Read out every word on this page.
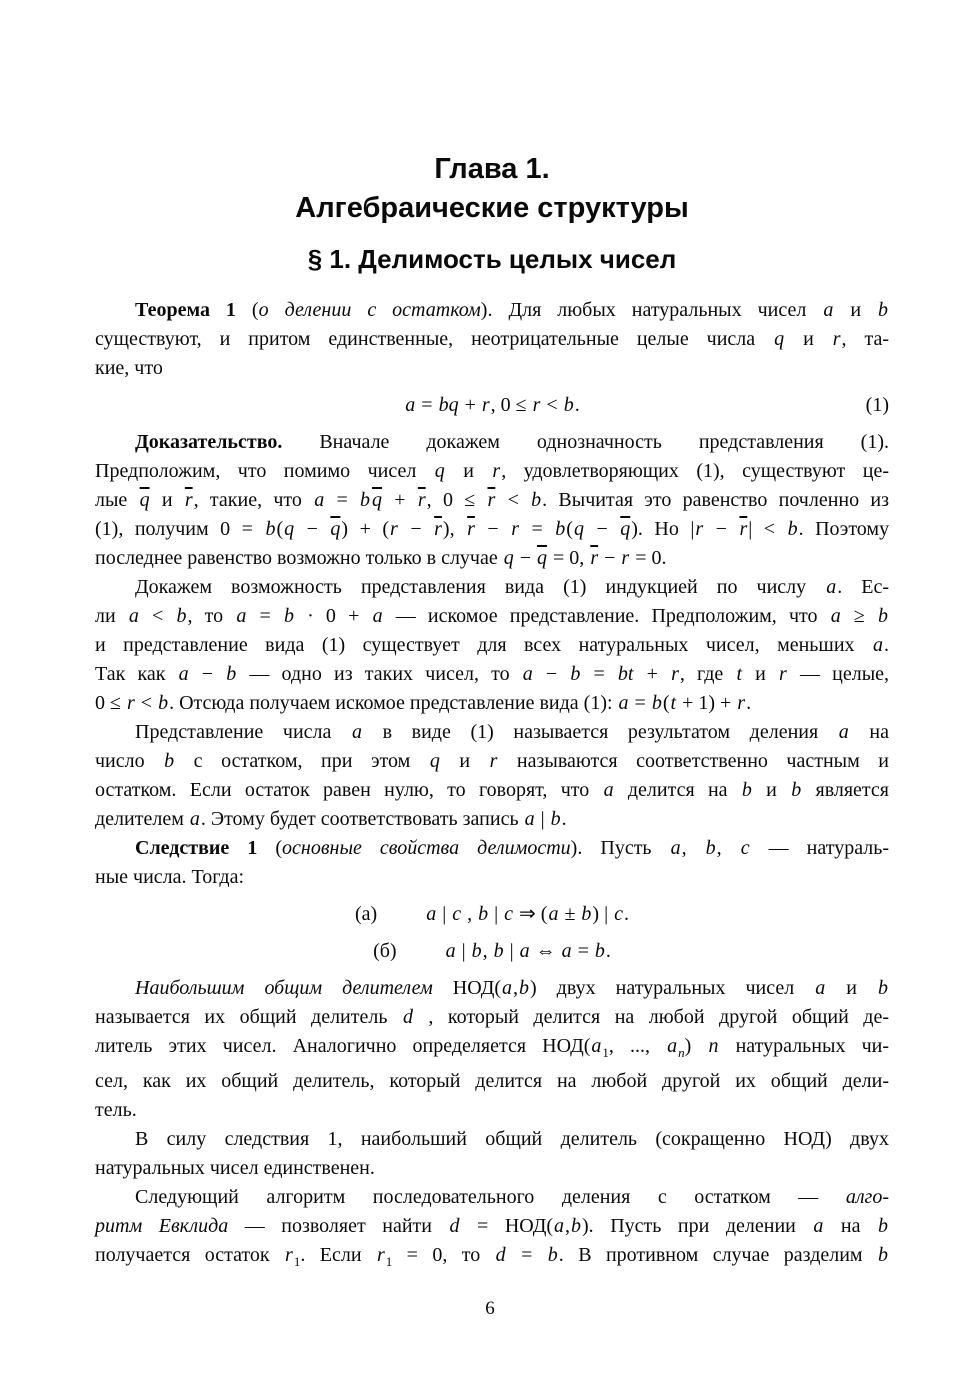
Глава 1.
Алгебраические структуры
§ 1. Делимость целых чисел
Теорема 1 (о делении с остатком). Для любых натуральных чисел a и b
существуют, и притом единственные, неотрицательные целые числа q и r, та-
кие, что
a = bq + r, 0 ≤ r < b.	(1)
Доказательство. Вначале докажем однозначность представления (1).
Предположим, что помимо чисел q и r, удовлетворяющих (1), существуют це-
лые $\overline{q}$ и $\overline{r}$, такие, что a = b $\overline{q} + \overline{r}$, $0 \le \overline{r} < b$. Вычитая это равенство почленно из
(1), получим $0 = b(q - \overline{q}) + (r - \overline{r})$, $\overline{r} - r = b(q - \overline{q})$. Но $|r - \overline{r}| < b$. Поэтому
последнее равенство возможно только в случае $q - \overline{q} = 0$, $\overline{r} - r = 0$.
Докажем возможность представления вида (1) индукцией по числу a. Ес-
ли a < b, то a = b · 0 + a — искомое представление. Предположим, что a ≥ b
и представление вида (1) существует для всех натуральных чисел, меньших a.
Так как a − b — одно из таких чисел, то a − b = bt + r, где t и r — целые,
0 ≤ r < b. Отсюда получаем искомое представление вида (1): a = b(t + 1) + r.
Представление числа a в виде (1) называется результатом деления a на
число b с остатком, при этом q и r называются соответственно частным и
остатком. Если остаток равен нулю, то говорят, что a делится на b и b является
делителем a. Этому будет соответствовать запись a | b.
Следствие 1 (основные свойства делимости). Пусть a, b, c — натураль-
ные числа. Тогда:
(а) a | c , b | c ⇒ (a ± b) | c.
(б) a | b, b | a ⇔ a = b.
Наибольшим общим делителем НОД(a,b) двух натуральных чисел a и b
называется их общий делитель d , который делится на любой другой общий де-
литель этих чисел. Аналогично определяется $НОД(a_1$, ..., $a_n$) n натуральных чи-
сел, как их общий делитель, который делится на любой другой их общий дели-
тель.
В силу следствия 1, наибольший общий делитель (сокращенно НОД) двух
натуральных чисел единственен.
Следующий алгоритм последовательного деления с остатком — алго-
ритм Евклида — позволяет найти d = НОД(a,b). Пусть при делении a на b
получается остаток $r_1$. Если $r_1 = 0$, то d = b. В противном случае разделим b
6
